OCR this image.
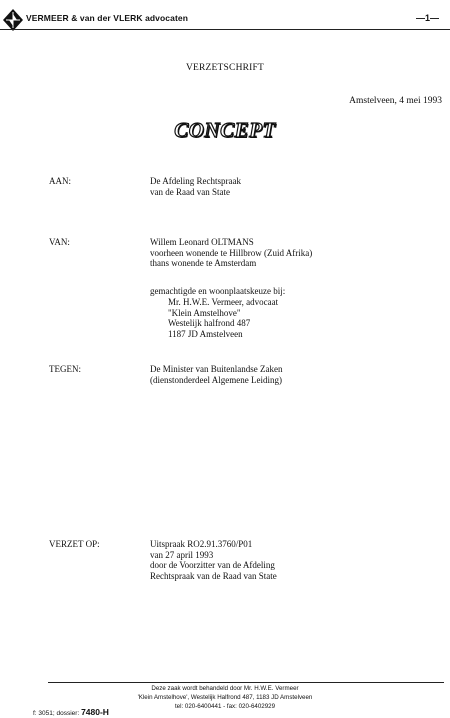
VERMEER & van der VLERK advocaten	—1—
VERZETSCHRIFT
Amstelveen, 4 mei 1993
CONCEPT
AAN:	De Afdeling Rechtspraak
van de Raad van State
VAN:	Willem Leonard OLTMANS
voorheen wonende te Hillbrow (Zuid Afrika)
thans wonende te Amsterdam
gemachtigde en woonplaatskeuze bij:
Mr. H.W.E. Vermeer, advocaat
"Klein Amstelhove"
Westelijk halfrond 487
1187 JD Amstelveen
TEGEN:	De Minister van Buitenlandse Zaken
(dienstonderdeel Algemene Leiding)
VERZET OP:	Uitspraak RO2.91.3760/P01
van 27 april 1993
door de Voorzitter van de Afdeling
Rechtspraak van de Raad van State
Deze zaak wordt behandeld door Mr. H.W.E. Vermeer
'Klein Amstelhove', Westelijk Halfrond 487, 1183 JD Amstelveen
tel: 020-6400441 - fax: 020-6402929
f: 3051; dossier: 7480-H
